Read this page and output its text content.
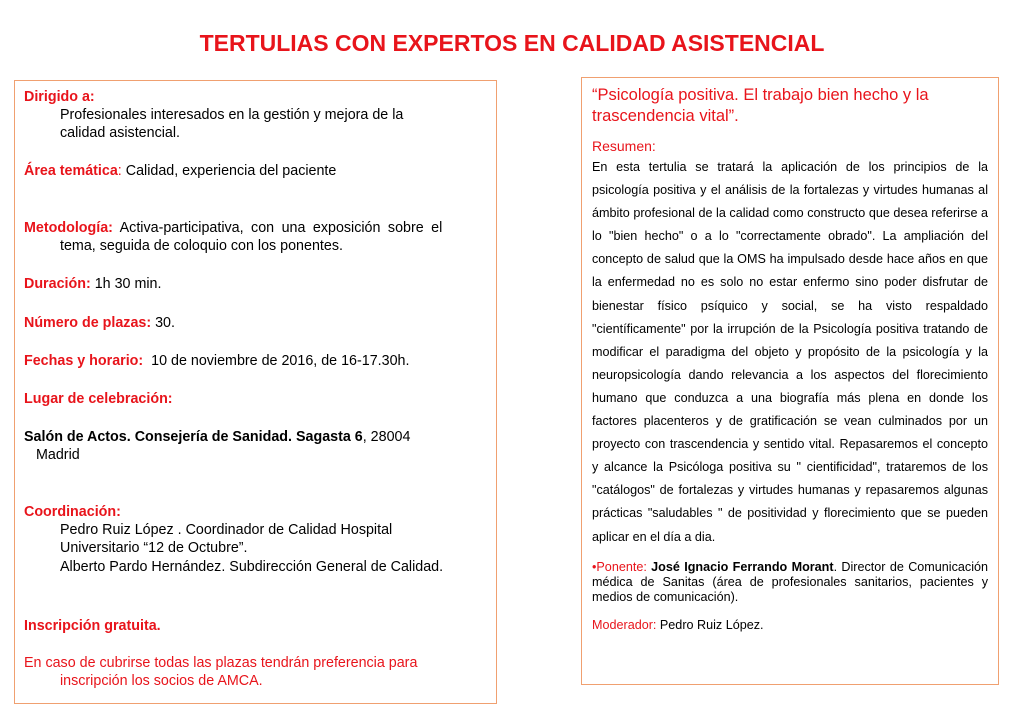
TERTULIAS CON EXPERTOS EN CALIDAD ASISTENCIAL
Dirigido a:
Profesionales interesados en la gestión y mejora de la
calidad asistencial.
Área temática: Calidad, experiencia del paciente
Metodología: Activa-participativa, con una exposición sobre el
tema, seguida de coloquio con los ponentes.
Duración: 1h 30 min.
Número de plazas: 30.
Fechas y horario:  10 de noviembre de 2016, de 16-17.30h.
Lugar de celebración:
Salón de Actos. Consejería de Sanidad. Sagasta 6, 28004
Madrid
Coordinación:
Pedro Ruiz López . Coordinador de Calidad Hospital
Universitario “12 de Octubre”.
Alberto Pardo Hernández. Subdirección General de Calidad.
Inscripción gratuita.
En caso de cubrirse todas las plazas tendrán preferencia para
inscripción los socios de AMCA.
“Psicología positiva. El trabajo bien hecho y la trascendencia vital”.
Resumen:
En esta tertulia se tratará la aplicación de los principios de la psicología positiva y el análisis de la fortalezas y virtudes humanas al ámbito profesional de la calidad como constructo que desea referirse a lo "bien hecho" o a lo "correctamente obrado". La ampliación del concepto de salud que la OMS ha impulsado desde hace años en que la enfermedad no es solo no estar enfermo sino poder disfrutar de bienestar físico psíquico y social, se ha visto respaldado "científicamente" por la irrupción de la Psicología positiva tratando de modificar el paradigma del objeto y propósito de la psicología y la neuropsicología dando relevancia a los aspectos del florecimiento humano que conduzca a una biografía más plena en donde los factores placenteros y de gratificación se vean culminados por un proyecto con trascendencia y sentido vital. Repasaremos el concepto y alcance la Psicóloga positiva su " cientificidad", trataremos de los "catálogos" de fortalezas y virtudes humanas y repasaremos algunas prácticas "saludables " de positividad y florecimiento que se pueden aplicar en el día a dia.
•Ponente: José Ignacio Ferrando Morant. Director de Comunicación médica de Sanitas (área de profesionales sanitarios, pacientes y medios de comunicación).
Moderador: Pedro Ruiz López.
